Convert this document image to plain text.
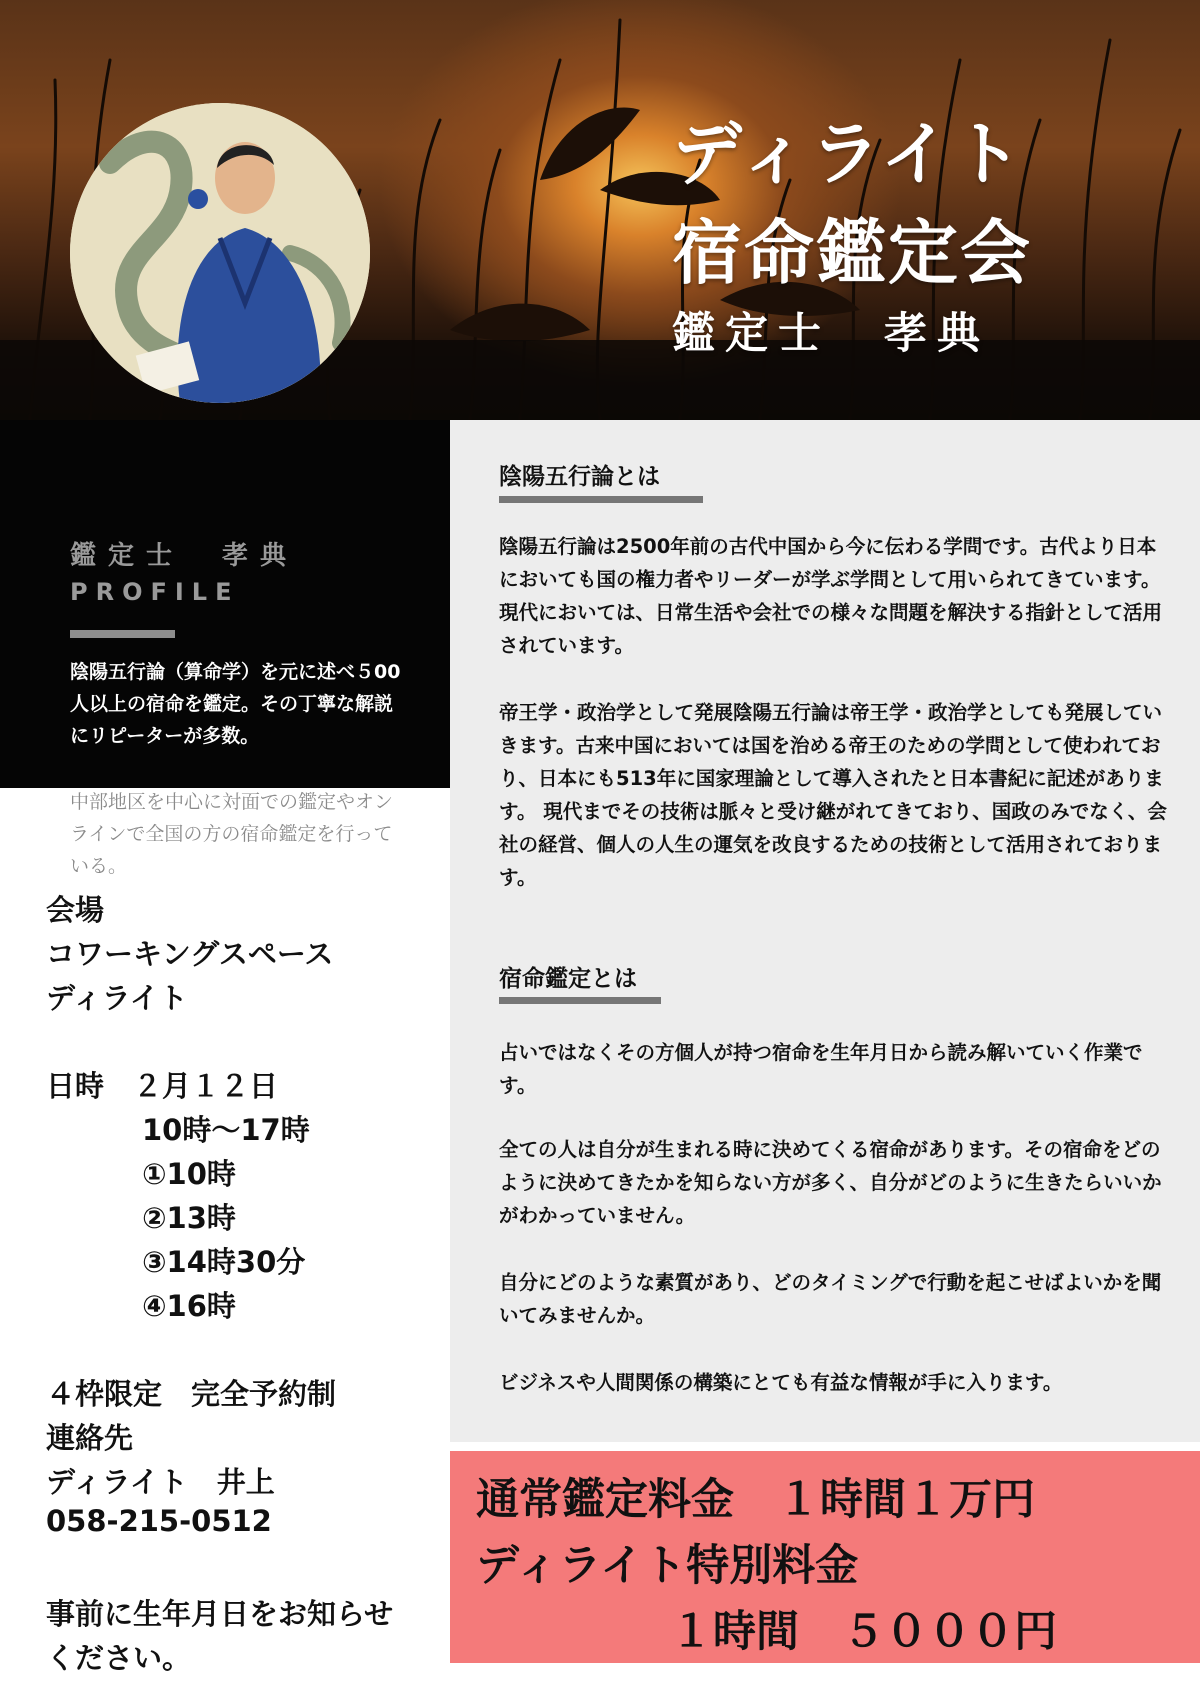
ディライト
宿命鑑定会
鑑定士　孝典
鑑定士　孝典
PROFILE

陰陽五行論（算命学）を元に述べ５00人以上の宿命を鑑定。その丁寧な解説にリピーターが多数。

中部地区を中心に対面での鑑定やオンラインで全国の方の宿命鑑定を行っている。

会場

コワーキングスペース

ディライト

日時　２月１２日

10時～17時

①10時

②13時

③14時30分

④16時

４枠限定　完全予約制

連絡先

ディライト　井上

058-215-0512

事前に生年月日をお知らせ

ください。

陰陽五行論とは

陰陽五行論は2500年前の古代中国から今に伝わる学問です。古代より日本においても国の権力者やリーダーが学ぶ学問として用いられてきています。現代においては、日常生活や会社での様々な問題を解決する指針として活用されています。

帝王学・政治学として発展陰陽五行論は帝王学・政治学としても発展していきます。古来中国においては国を治める帝王のための学問として使われており、日本にも513年に国家理論として導入されたと日本書紀に記述があります。 現代までその技術は脈々と受け継がれてきており、国政のみでなく、会社の経営、個人の人生の運気を改良するための技術として活用されております。

宿命鑑定とは

占いではなくその方個人が持つ宿命を生年月日から読み解いていく作業です。

全ての人は自分が生まれる時に決めてくる宿命があります。その宿命をどのように決めてきたかを知らない方が多く、自分がどのように生きたらいいかがわかっていません。

自分にどのような素質があり、どのタイミングで行動を起こせばよいかを聞いてみませんか。

ビジネスや人間関係の構築にとても有益な情報が手に入ります。

通常鑑定料金　１時間１万円

ディライト特別料金

１時間　５０００円
